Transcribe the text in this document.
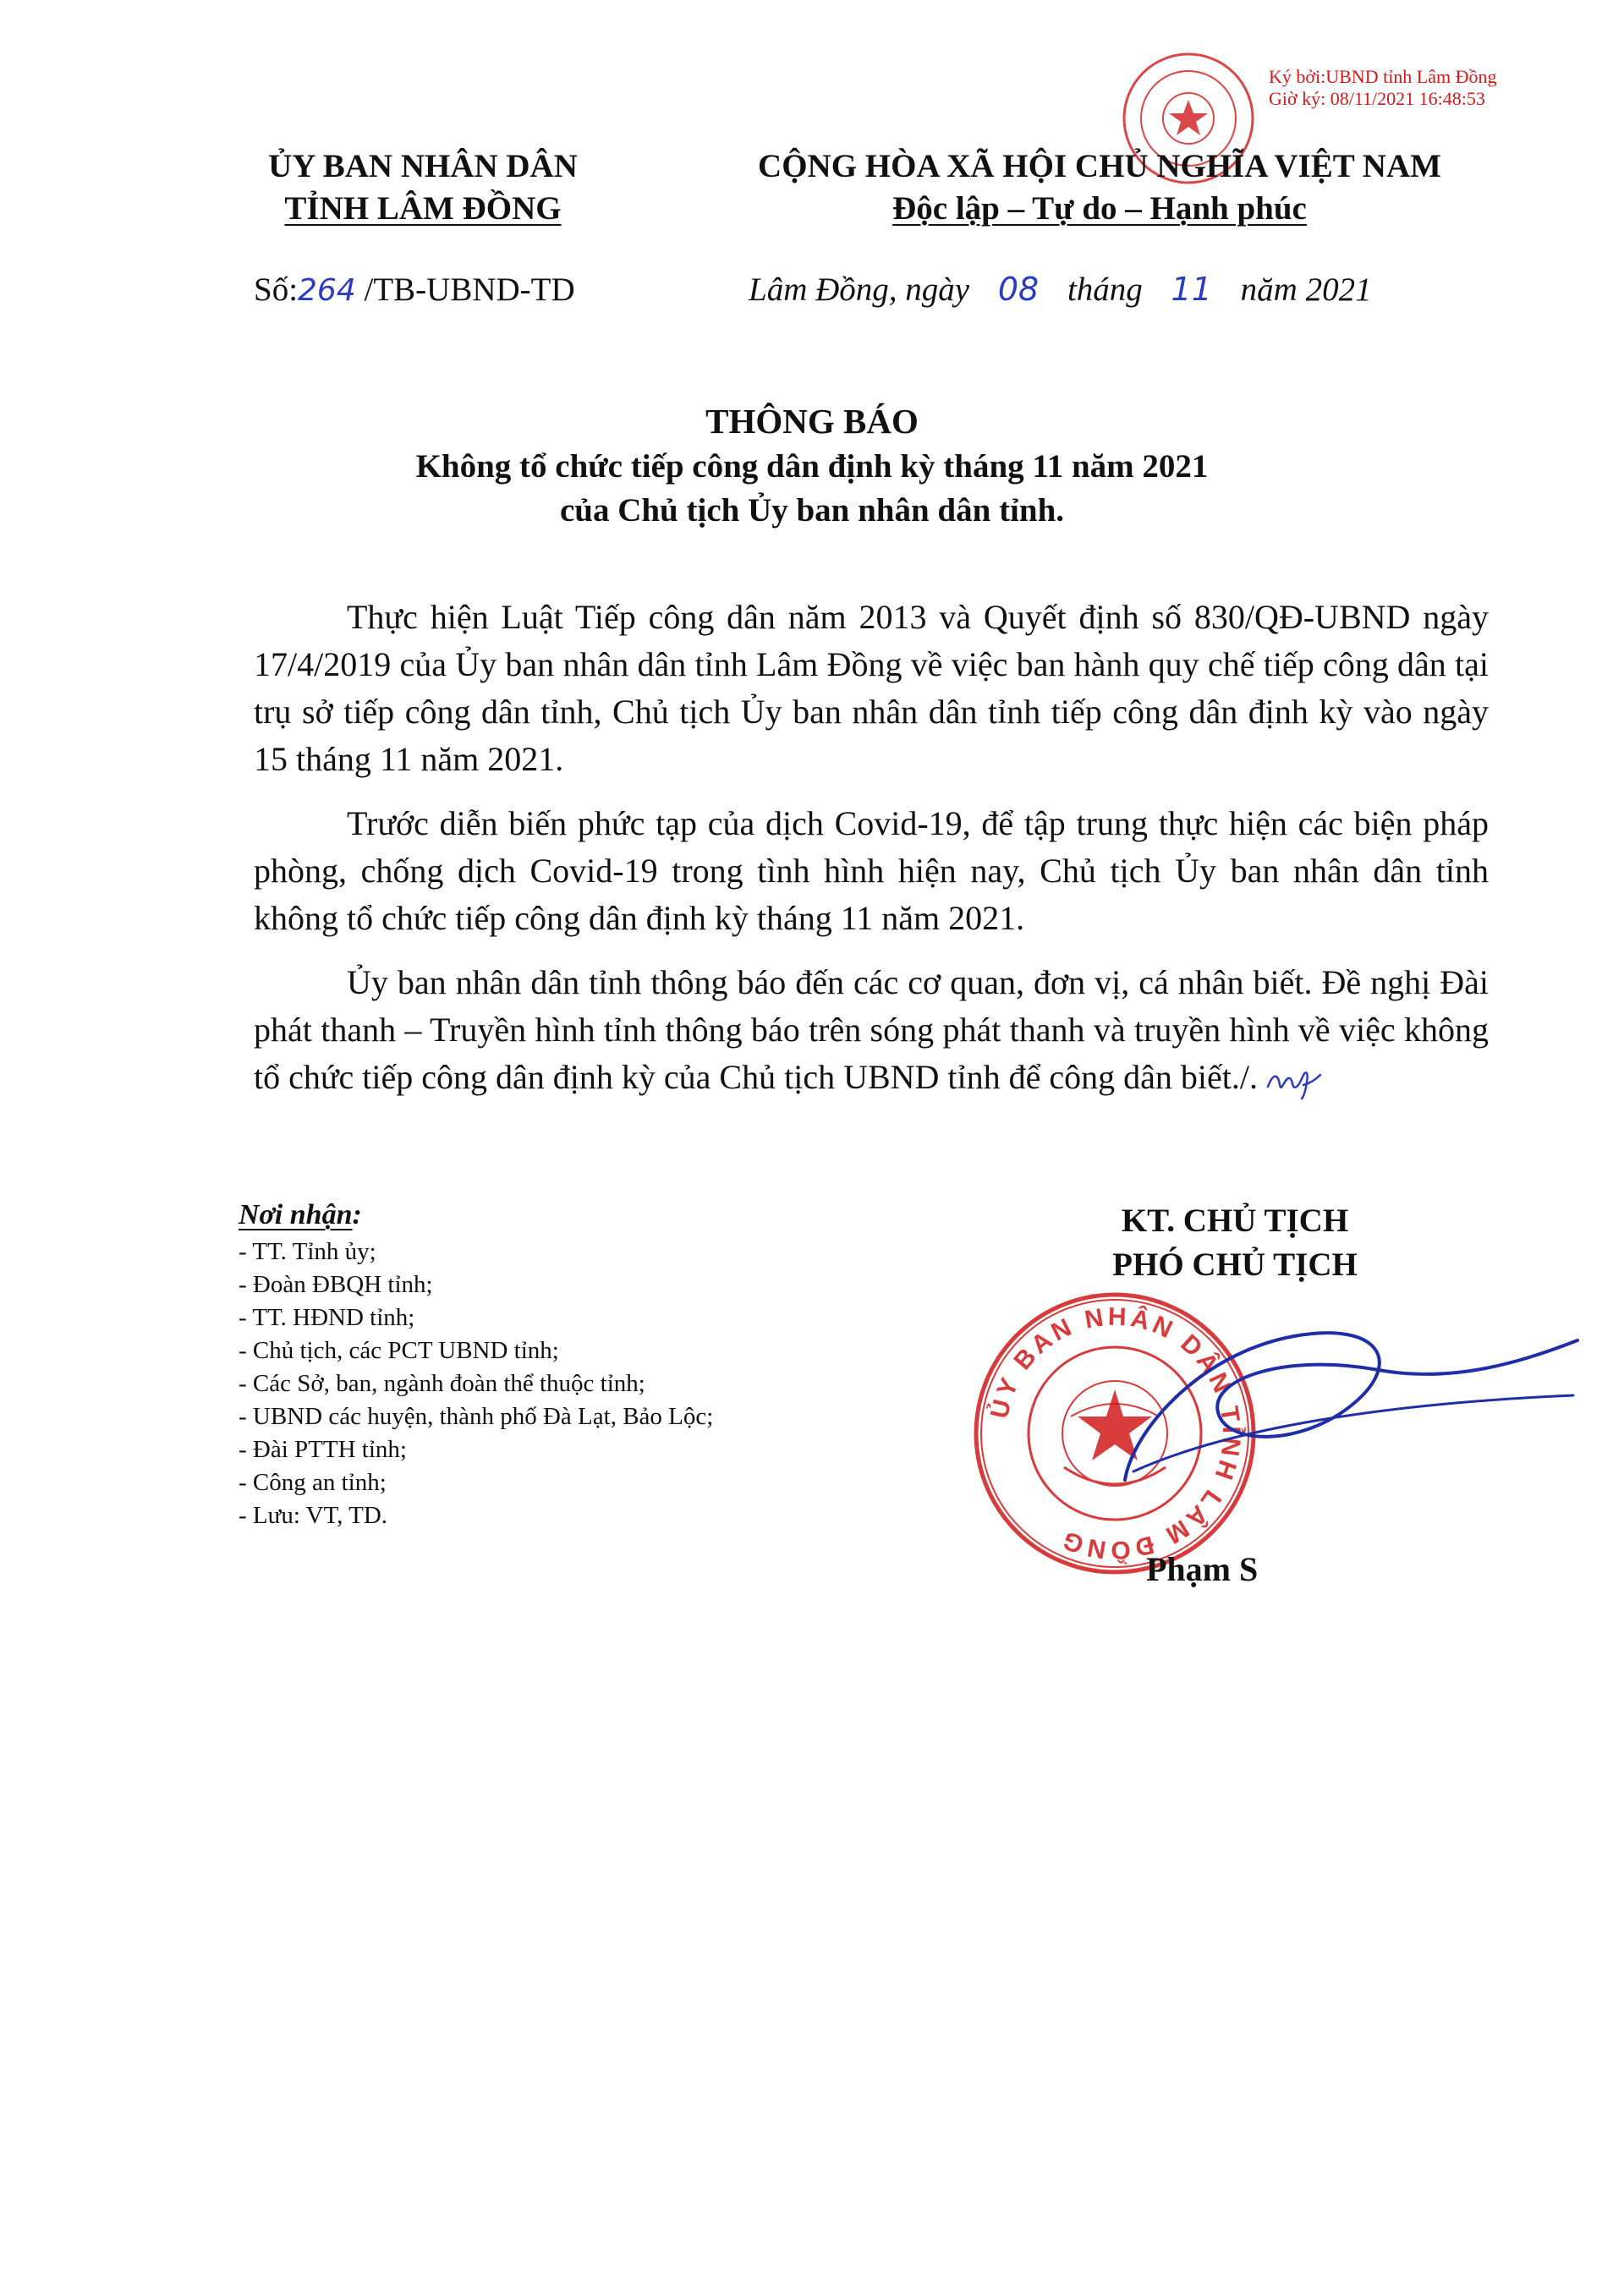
Ký bởi:UBND tỉnh Lâm Đồng
Giờ ký: 08/11/2021 16:48:53
ỦY BAN NHÂN DÂN
TỈNH LÂM ĐỒNG
CỘNG HÒA XÃ HỘI CHỦ NGHĨA VIỆT NAM
Độc lập – Tự do – Hạnh phúc
Số:264 /TB-UBND-TD	Lâm Đồng, ngày 08 tháng 11 năm 2021
THÔNG BÁO
Không tổ chức tiếp công dân định kỳ tháng 11 năm 2021
của Chủ tịch Ủy ban nhân dân tỉnh.

Thực hiện Luật Tiếp công dân năm 2013 và Quyết định số 830/QĐ-UBND ngày 17/4/2019 của Ủy ban nhân dân tỉnh Lâm Đồng về việc ban hành quy chế tiếp công dân tại trụ sở tiếp công dân tỉnh, Chủ tịch Ủy ban nhân dân tỉnh tiếp công dân định kỳ vào ngày 15 tháng 11 năm 2021.

Trước diễn biến phức tạp của dịch Covid-19, để tập trung thực hiện các biện pháp phòng, chống dịch Covid-19 trong tình hình hiện nay, Chủ tịch Ủy ban nhân dân tỉnh không tổ chức tiếp công dân định kỳ tháng 11 năm 2021.

Ủy ban nhân dân tỉnh thông báo đến các cơ quan, đơn vị, cá nhân biết. Đề nghị Đài phát thanh – Truyền hình tỉnh thông báo trên sóng phát thanh và truyền hình về việc không tổ chức tiếp công dân định kỳ của Chủ tịch UBND tỉnh để công dân biết./.

Nơi nhận:
- TT. Tỉnh ủy;
- Đoàn ĐBQH tỉnh;
- TT. HĐND tỉnh;
- Chủ tịch, các PCT UBND tỉnh;
- Các Sở, ban, ngành đoàn thể thuộc tỉnh;
- UBND các huyện, thành phố Đà Lạt, Bảo Lộc;
- Đài PTTH tỉnh;
- Công an tỉnh;
- Lưu: VT, TD.
KT. CHỦ TỊCH
PHÓ CHỦ TỊCH
ỦY BAN NHÂN DÂN TỈNH LÂM ĐỒNG
Phạm S
